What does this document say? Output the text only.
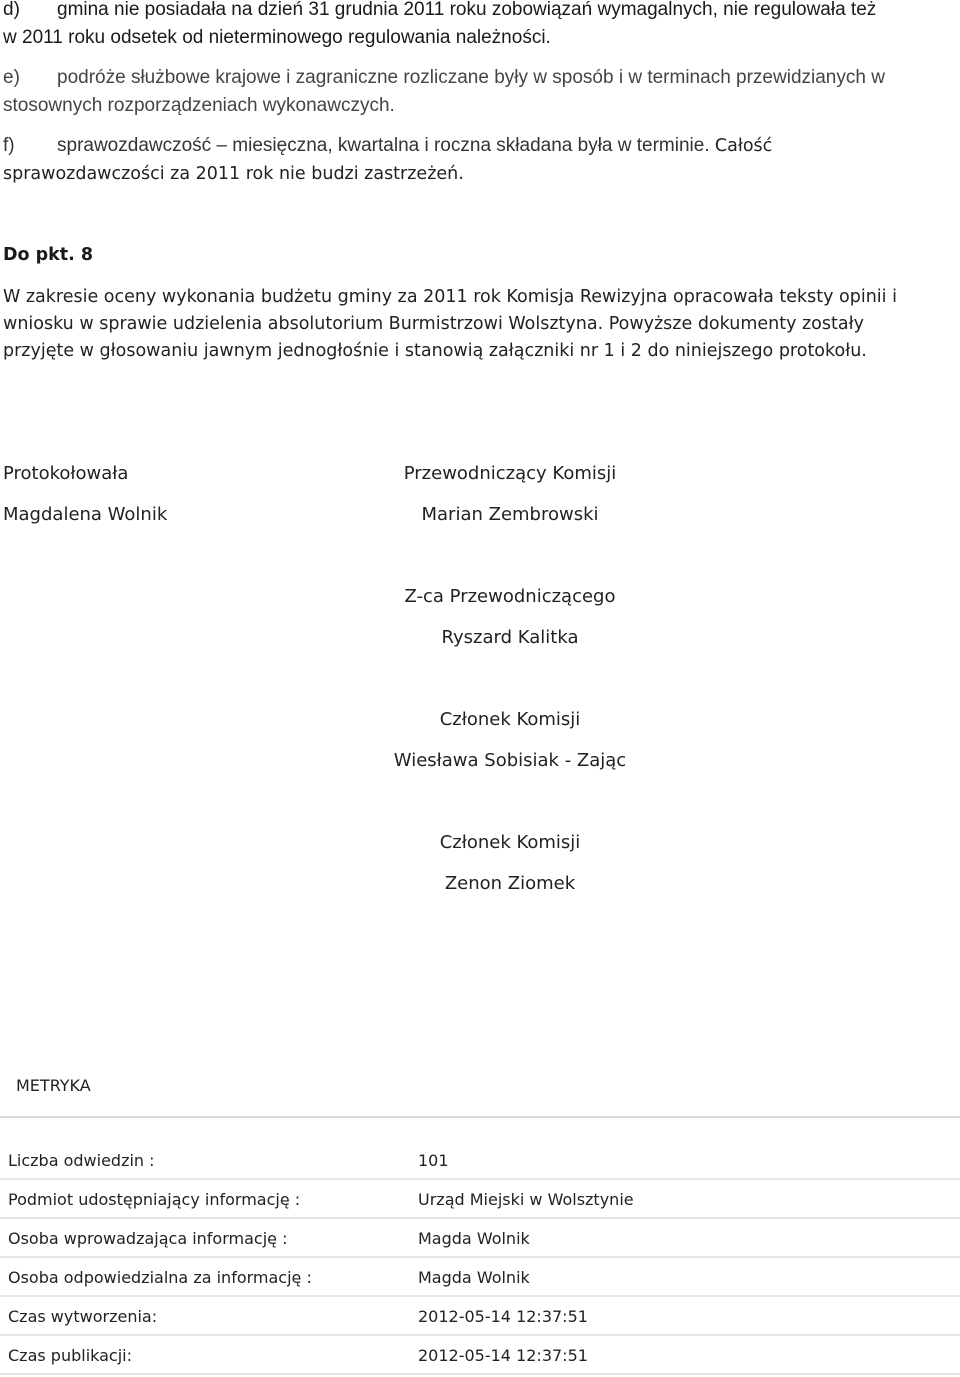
d) gmina nie posiadała na dzień 31 grudnia 2011 roku zobowiązań wymagalnych, nie regulowała też
w 2011 roku odsetek od nieterminowego regulowania należności.
e) podróże służbowe krajowe i zagraniczne rozliczane były w sposób i w terminach przewidzianych w
stosownych rozporządzeniach wykonawczych.
f) sprawozdawczość – miesięczna, kwartalna i roczna składana była w terminie. Całość
sprawozdawczości za 2011 rok nie budzi zastrzeżeń.
Do pkt. 8
W zakresie oceny wykonania budżetu gminy za 2011 rok Komisja Rewizyjna opracowała teksty opinii i
wniosku w sprawie udzielenia absolutorium Burmistrzowi Wolsztyna. Powyższe dokumenty zostały
przyjęte w głosowaniu jawnym jednogłośnie i stanowią załączniki nr 1 i 2 do niniejszego protokołu.
Protokołowała
Magdalena Wolnik
Przewodniczący Komisji
Marian Zembrowski
Z-ca Przewodniczącego
Ryszard Kalitka
Członek Komisji
Wiesława Sobisiak - Zając
Członek Komisji
Zenon Ziomek
METRYKA
Liczba odwiedzin :	101
Podmiot udostępniający informację :	Urząd Miejski w Wolsztynie
Osoba wprowadzająca informację :	Magda Wolnik
Osoba odpowiedzialna za informację :	Magda Wolnik
Czas wytworzenia:	2012-05-14 12:37:51
Czas publikacji:	2012-05-14 12:37:51
